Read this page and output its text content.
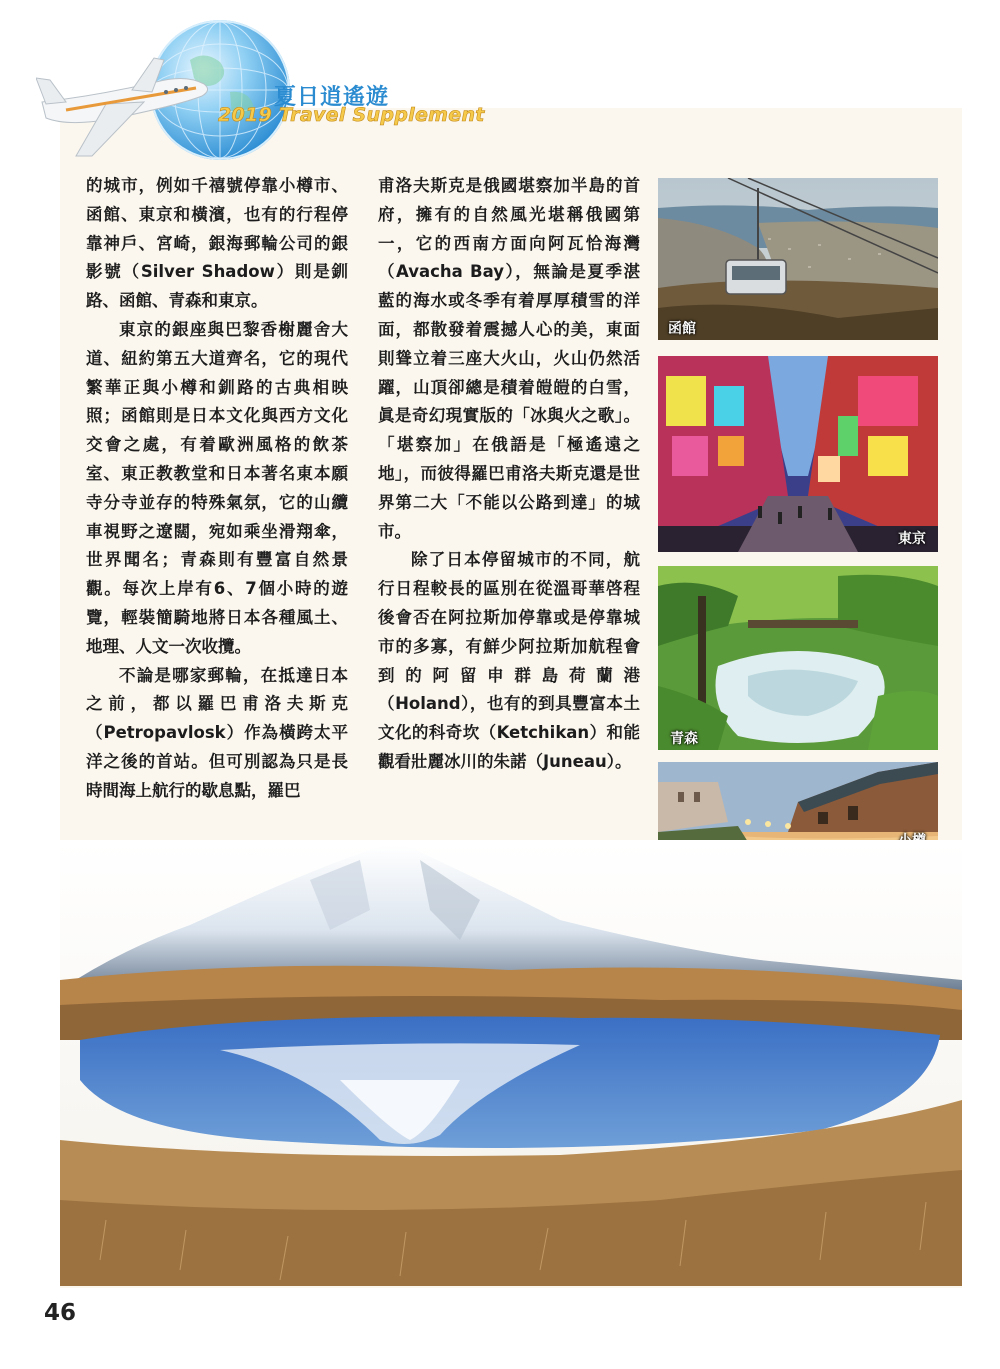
夏日逍遙遊
2019 Travel Supplement

的城市，例如千禧號停靠小樽市、函館、東京和橫濱，也有的行程停靠神戶、宮崎，銀海郵輪公司的銀影號（Silver Shadow）則是釧路、函館、青森和東京。

東京的銀座與巴黎香榭麗舍大道、紐約第五大道齊名，它的現代繁華正與小樽和釧路的古典相映照；函館則是日本文化與西方文化交會之處，有着歐洲風格的飲茶室、東正教教堂和日本著名東本願寺分寺並存的特殊氣氛，它的山纜車視野之遼闊，宛如乘坐滑翔傘，世界聞名；青森則有豐富自然景觀。每次上岸有6、7個小時的遊覽，輕裝簡騎地將日本各種風土、地理、人文一次收攬。

不論是哪家郵輪，在抵達日本之前，都以羅巴甫洛夫斯克（Petropavlosk）作為橫跨太平洋之後的首站。但可別認為只是長時間海上航行的歇息點，羅巴

甫洛夫斯克是俄國堪察加半島的首府，擁有的自然風光堪稱俄國第一，它的西南方面向阿瓦恰海灣（Avacha Bay），無論是夏季湛藍的海水或冬季有着厚厚積雪的洋面，都散發着震撼人心的美，東面則聳立着三座大火山，火山仍然活躍，山頂卻總是積着皚皚的白雪，眞是奇幻現實版的「冰與火之歌」。「堪察加」在俄語是「極遙遠之地」，而彼得羅巴甫洛夫斯克還是世界第二大「不能以公路到達」的城市。

除了日本停留城市的不同，航行日程較長的區別在從溫哥華啓程後會否在阿拉斯加停靠或是停靠城市的多寡，有鮮少阿拉斯加航程會到的阿留申群島荷蘭港（Holand），也有的到具豐富本土文化的科奇坎（Ketchikan）和能觀看壯麗冰川的朱諾（Juneau）。

函館
東京
青森
46
